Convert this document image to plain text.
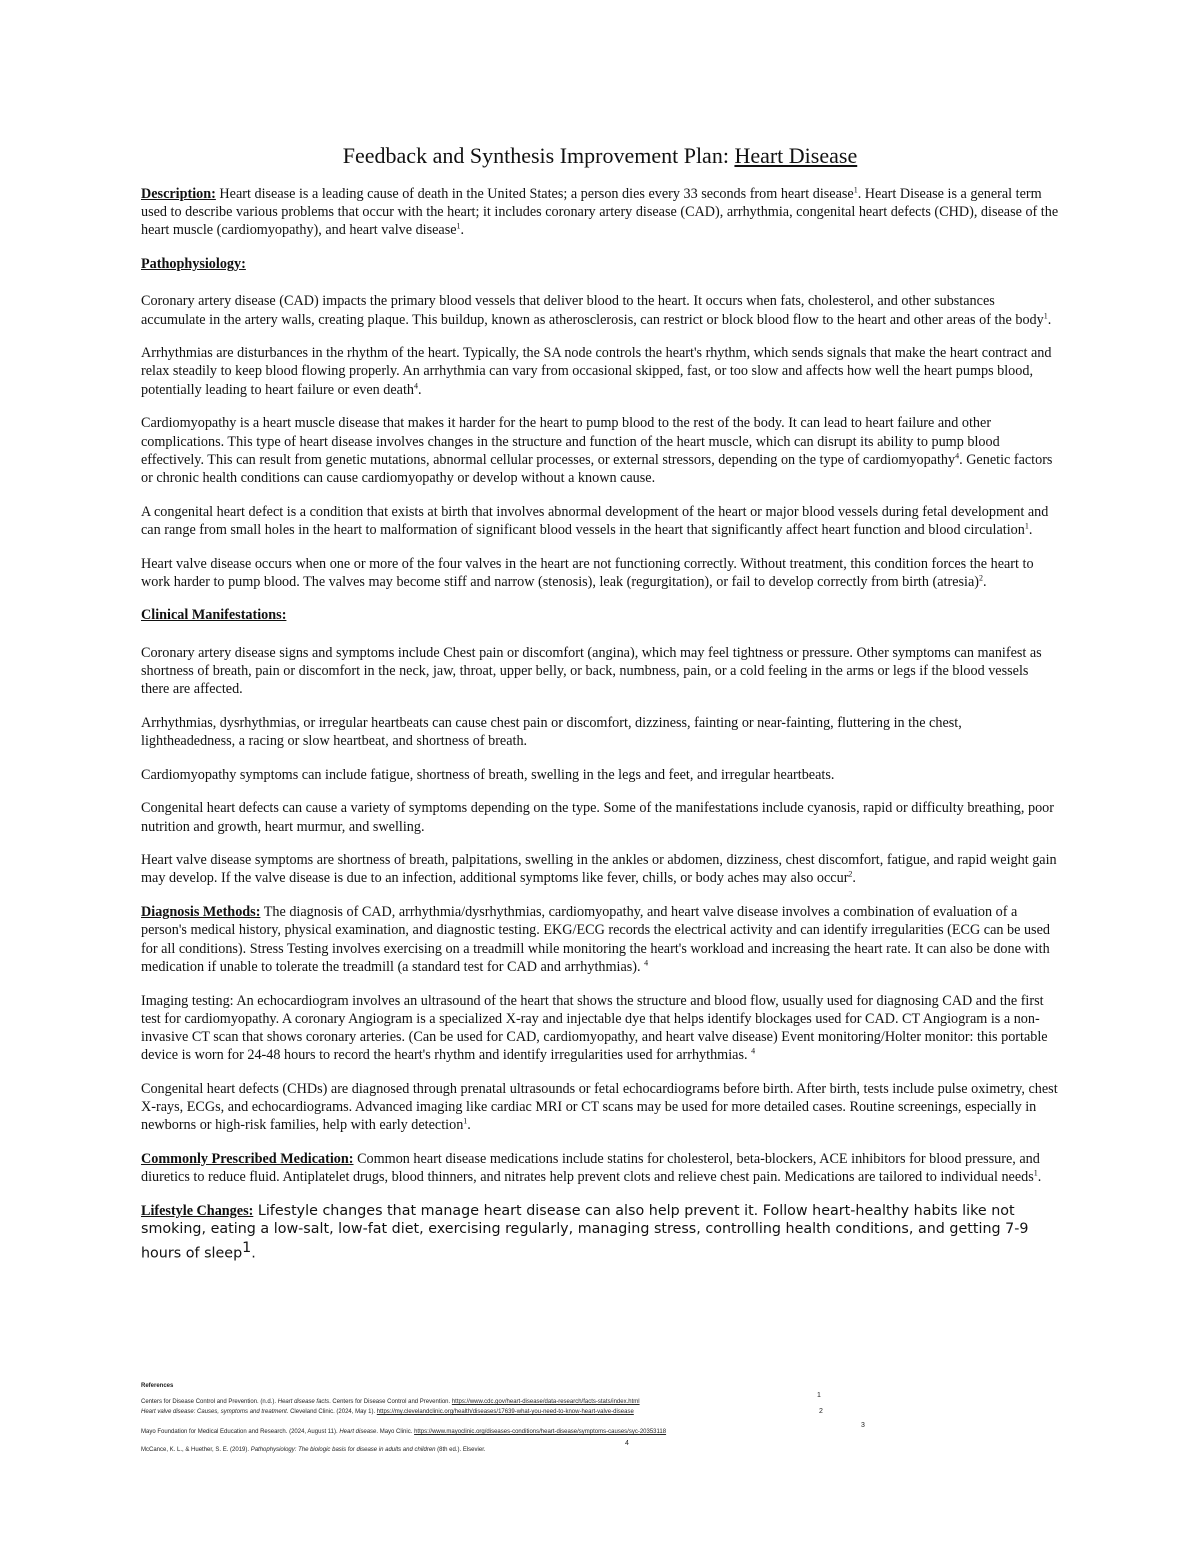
Feedback and Synthesis Improvement Plan: Heart Disease

Description: Heart disease is a leading cause of death in the United States; a person dies every 33 seconds from heart disease$^1$. Heart Disease is a general term used to describe various problems that occur with the heart; it includes coronary artery disease (CAD), arrhythmia, congenital heart defects (CHD), disease of the heart muscle (cardiomyopathy), and heart valve disease$^1$.

Pathophysiology:

Coronary artery disease (CAD) impacts the primary blood vessels that deliver blood to the heart. It occurs when fats, cholesterol, and other substances accumulate in the artery walls, creating plaque. This buildup, known as atherosclerosis, can restrict or block blood flow to the heart and other areas of the body$^1$.

Arrhythmias are disturbances in the rhythm of the heart. Typically, the SA node controls the heart's rhythm, which sends signals that make the heart contract and relax steadily to keep blood flowing properly. An arrhythmia can vary from occasional skipped, fast, or too slow and affects how well the heart pumps blood, potentially leading to heart failure or even death$^4$.

Cardiomyopathy is a heart muscle disease that makes it harder for the heart to pump blood to the rest of the body. It can lead to heart failure and other complications. This type of heart disease involves changes in the structure and function of the heart muscle, which can disrupt its ability to pump blood effectively. This can result from genetic mutations, abnormal cellular processes, or external stressors, depending on the type of cardiomyopathy$^4$. Genetic factors or chronic health conditions can cause cardiomyopathy or develop without a known cause.

A congenital heart defect is a condition that exists at birth that involves abnormal development of the heart or major blood vessels during fetal development and can range from small holes in the heart to malformation of significant blood vessels in the heart that significantly affect heart function and blood circulation$^1$.

Heart valve disease occurs when one or more of the four valves in the heart are not functioning correctly. Without treatment, this condition forces the heart to work harder to pump blood. The valves may become stiff and narrow (stenosis), leak (regurgitation), or fail to develop correctly from birth (atresia)$^2$.

Clinical Manifestations:

Coronary artery disease signs and symptoms include Chest pain or discomfort (angina), which may feel tightness or pressure. Other symptoms can manifest as shortness of breath, pain or discomfort in the neck, jaw, throat, upper belly, or back, numbness, pain, or a cold feeling in the arms or legs if the blood vessels there are affected.

Arrhythmias, dysrhythmias, or irregular heartbeats can cause chest pain or discomfort, dizziness, fainting or near-fainting, fluttering in the chest, lightheadedness, a racing or slow heartbeat, and shortness of breath.

Cardiomyopathy symptoms can include fatigue, shortness of breath, swelling in the legs and feet, and irregular heartbeats.

Congenital heart defects can cause a variety of symptoms depending on the type. Some of the manifestations include cyanosis, rapid or difficulty breathing, poor nutrition and growth, heart murmur, and swelling.

Heart valve disease symptoms are shortness of breath, palpitations, swelling in the ankles or abdomen, dizziness, chest discomfort, fatigue, and rapid weight gain may develop. If the valve disease is due to an infection, additional symptoms like fever, chills, or body aches may also occur$^2$.

Diagnosis Methods: The diagnosis of CAD, arrhythmia/dysrhythmias, cardiomyopathy, and heart valve disease involves a combination of evaluation of a person's medical history, physical examination, and diagnostic testing. EKG/ECG records the electrical activity and can identify irregularities (ECG can be used for all conditions). Stress Testing involves exercising on a treadmill while monitoring the heart's workload and increasing the heart rate. It can also be done with medication if unable to tolerate the treadmill (a standard test for CAD and arrhythmias). $^4$

Imaging testing: An echocardiogram involves an ultrasound of the heart that shows the structure and blood flow, usually used for diagnosing CAD and the first test for cardiomyopathy. A coronary Angiogram is a specialized X-ray and injectable dye that helps identify blockages used for CAD. CT Angiogram is a non-invasive CT scan that shows coronary arteries. (Can be used for CAD, cardiomyopathy, and heart valve disease) Event monitoring/Holter monitor: this portable device is worn for 24-48 hours to record the heart's rhythm and identify irregularities used for arrhythmias. $^4$

Congenital heart defects (CHDs) are diagnosed through prenatal ultrasounds or fetal echocardiograms before birth. After birth, tests include pulse oximetry, chest X-rays, ECGs, and echocardiograms. Advanced imaging like cardiac MRI or CT scans may be used for more detailed cases. Routine screenings, especially in newborns or high-risk families, help with early detection$^1$.

Commonly Prescribed Medication: Common heart disease medications include statins for cholesterol, beta-blockers, ACE inhibitors for blood pressure, and diuretics to reduce fluid. Antiplatelet drugs, blood thinners, and nitrates help prevent clots and relieve chest pain. Medications are tailored to individual needs$^1$.

Lifestyle Changes: Lifestyle changes that manage heart disease can also help prevent it. Follow heart-healthy habits like not smoking, eating a low-salt, low-fat diet, exercising regularly, managing stress, controlling health conditions, and getting 7-9 hours of sleep$^1$.

References
Centers for Disease Control and Prevention. (n.d.). Heart disease facts. Centers for Disease Control and Prevention. https://www.cdc.gov/heart-disease/data-research/facts-stats/index.html
1
Heart valve disease: Causes, symptoms and treatment. Cleveland Clinic. (2024, May 1). https://my.clevelandclinic.org/health/diseases/17639-what-you-need-to-know-heart-valve-disease	2
Mayo Foundation for Medical Education and Research. (2024, August 11). Heart disease. Mayo Clinic. https://www.mayoclinic.org/diseases-conditions/heart-disease/symptoms-causes/syc-20353118
3
McCance, K. L., & Huether, S. E. (2019). Pathophysiology: The biologic basis for disease in adults and children (8th ed.). Elsevier.
4
